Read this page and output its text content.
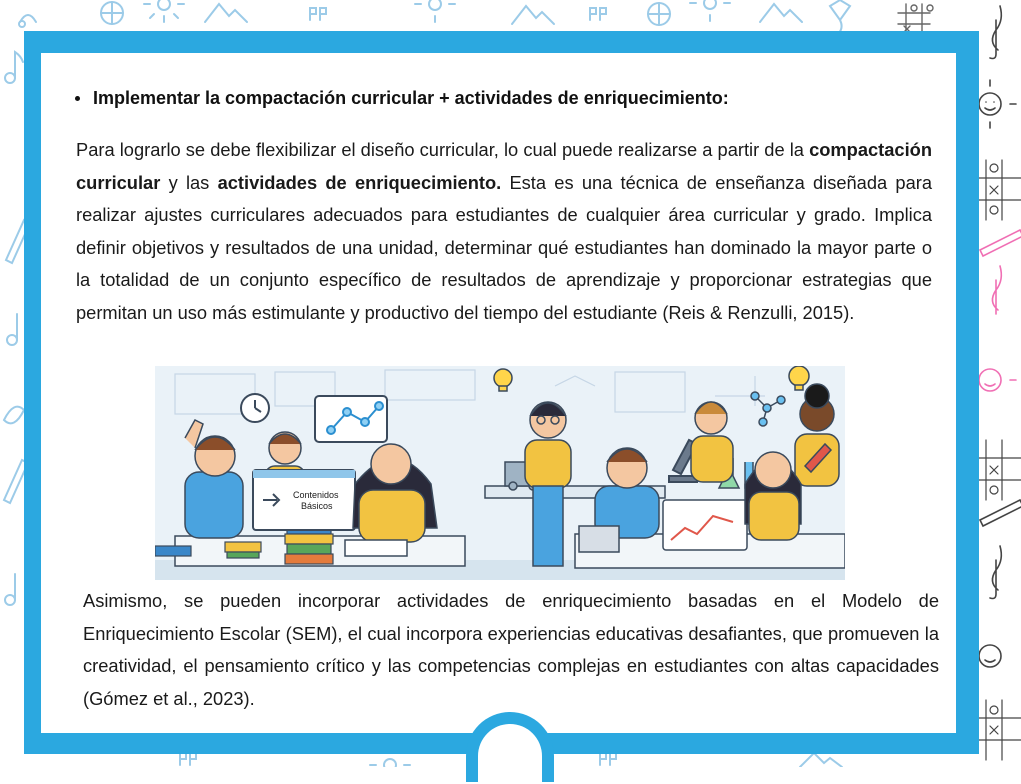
Implementar la compactación curricular + actividades de enriquecimiento:

Para lograrlo se debe flexibilizar el diseño curricular, lo cual puede realizarse a partir de la compactación curricular y las actividades de enriquecimiento. Esta es una técnica de enseñanza diseñada para realizar ajustes curriculares adecuados para estudiantes de cualquier área curricular y grado. Implica definir objetivos y resultados de una unidad, determinar qué estudiantes han dominado la mayor parte o la totalidad de un conjunto específico de resultados de aprendizaje y proporcionar estrategias que permitan un uso más estimulante y productivo del tiempo del estudiante (Reis & Renzulli, 2015).

Contenidos
Básicos

Asimismo, se pueden incorporar actividades de enriquecimiento basadas en el Modelo de Enriquecimiento Escolar (SEM), el cual incorpora experiencias educativas desafiantes, que promueven la creatividad, el pensamiento crítico y las competencias complejas en estudiantes con altas capacidades (Gómez et al., 2023).
